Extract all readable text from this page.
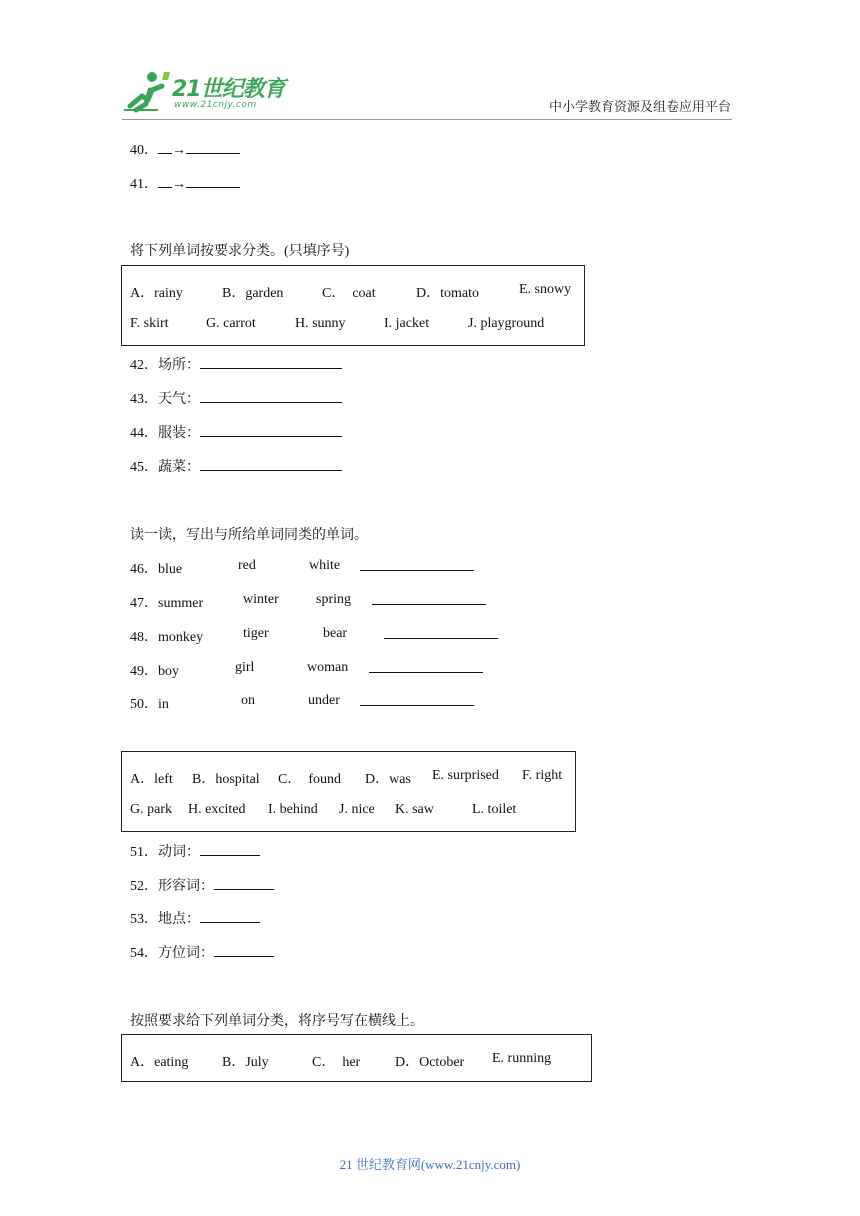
21世纪教育
www.21cnjy.com	中小学教育资源及组卷应用平台
40． →
41． →
将下列单词按要求分类。(只填序号)
A．rainy	B．garden	C．  coat	D．tomato	E. snowy
F. skirt	G. carrot	H. sunny	I. jacket	J. playground
42．场所：
43．天气：
44．服装：
45．蔬菜：
读一读，写出与所给单词同类的单词。
46．blue	red	white
47．summer	winter	spring
48．monkey	tiger	bear
49．boy	girl	woman
50．in	on	under
A．left B．hospital C．  found D．was E. surprised F. right
G. park H. excited I. behind J. nice K. saw	L. toilet
51．动词：
52．形容词：
53．地点：
54．方位词：
按照要求给下列单词分类，将序号写在横线上。
A．eating B．July	C．  her D．October E. running
21 世纪教育网(www.21cnjy.com)
